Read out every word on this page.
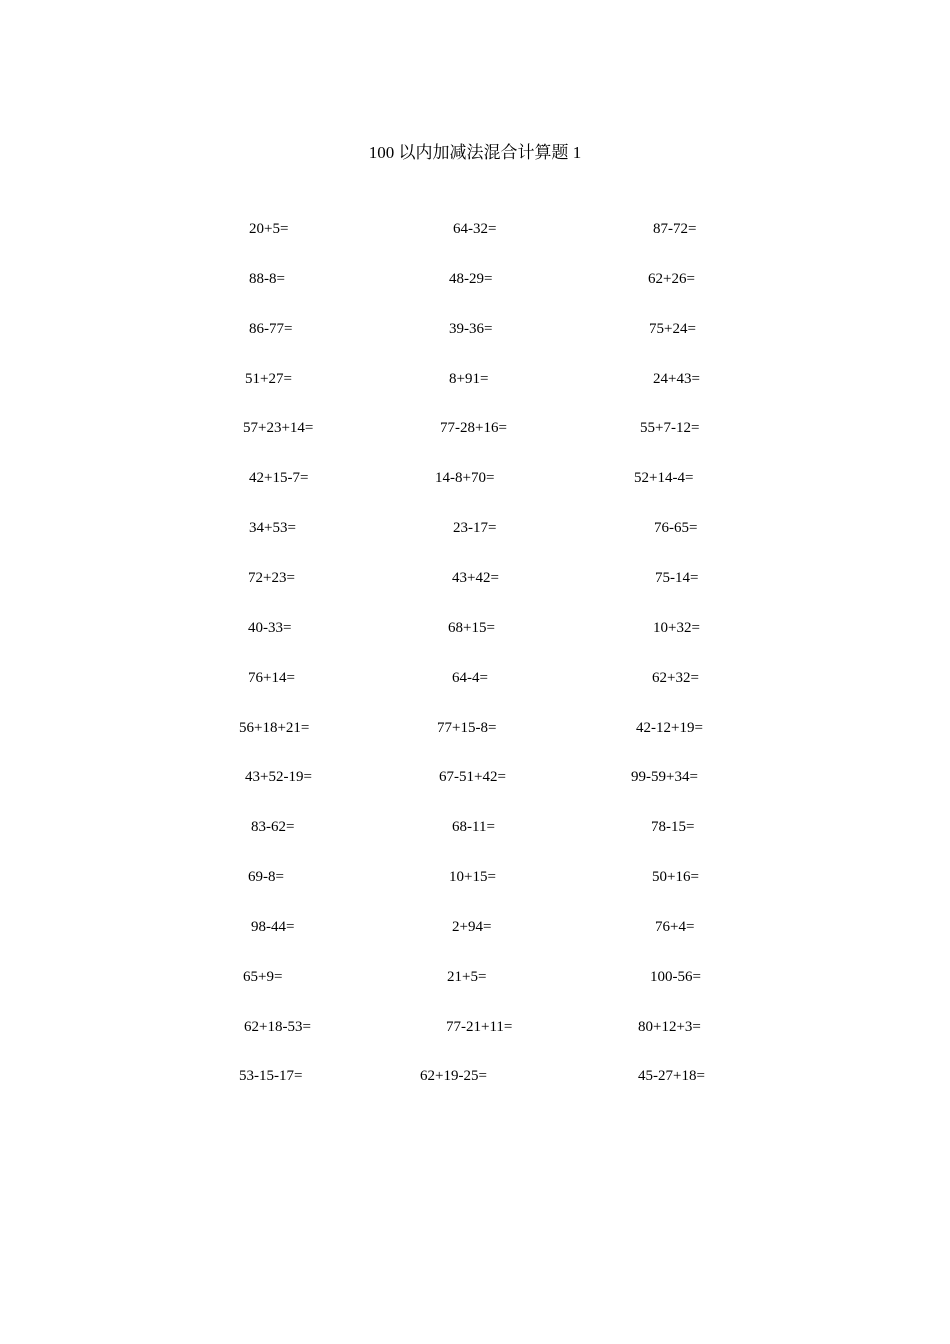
100 以内加减法混合计算题 1
20+5=	64-32=	87-72=
88-8=	48-29=	62+26=
86-77=	39-36=	75+24=
51+27=	8+91=	24+43=
57+23+14=	77-28+16=	55+7-12=
42+15-7=	14-8+70=	52+14-4=
34+53=	23-17=	76-65=
72+23=	43+42=	75-14=
40-33=	68+15=	10+32=
76+14=	64-4=	62+32=
56+18+21=	77+15-8=	42-12+19=
43+52-19=	67-51+42=	99-59+34=
83-62=	68-11=	78-15=
69-8=	10+15=	50+16=
98-44=	2+94=	76+4=
65+9=	21+5=	100-56=
62+18-53=	77-21+11=	80+12+3=
53-15-17=	62+19-25=	45-27+18=
